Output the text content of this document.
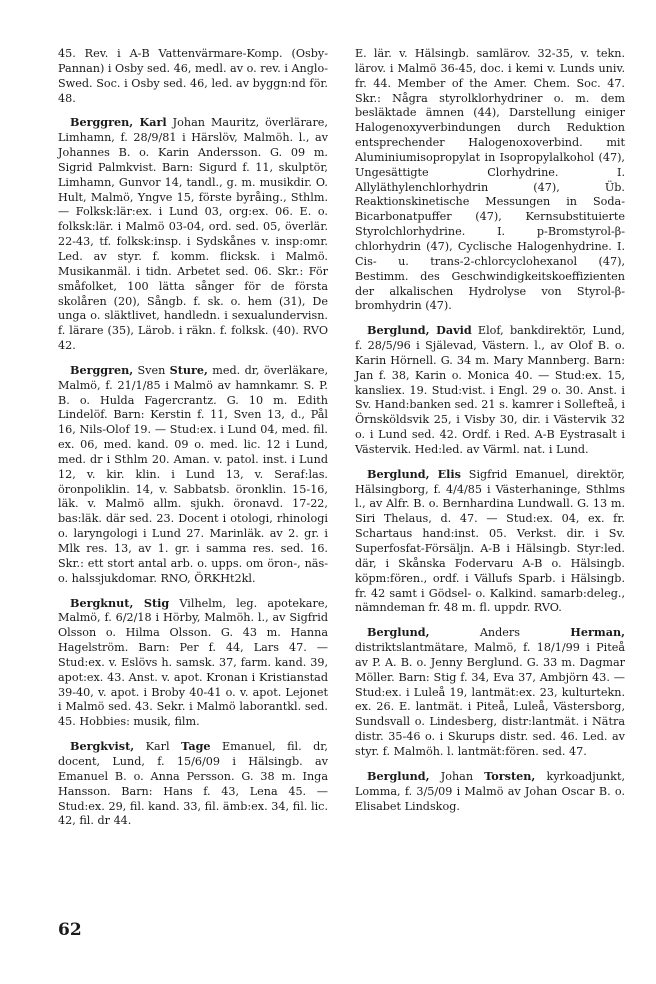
45. Rev. i A-B Vattenvärmare-Komp. (Osby-Pannan) i Osby sed. 46, medl. av o. rev. i Anglo-Swed. Soc. i Osby sed. 46, led. av byggn:nd för. 48.

Berggren, Karl Johan Mauritz, överlärare, Limhamn, f. 28/9/81 i Härslöv, Malmöh. l., av Johannes B. o. Karin Andersson. G. 09 m. Sigrid Palmkvist. Barn: Sigurd f. 11, skulptör, Limhamn, Gunvor 14, tandl., g. m. musikdir. O. Hult, Malmö, Yngve 15, förste byråing., Sthlm. — Folksk:lär:ex. i Lund 03, org:ex. 06. E. o. folksk:lär. i Malmö 03-04, ord. sed. 05, överlär. 22-43, tf. folksk:insp. i Sydskånes v. insp:omr. Led. av styr. f. komm. flicksk. i Malmö. Musikanmäl. i tidn. Arbetet sed. 06. Skr.: För småfolket, 100 lätta sånger för de första skolåren (20), Sångb. f. sk. o. hem (31), De unga o. släktlivet, handledn. i sexualundervisn. f. lärare (35), Lärob. i räkn. f. folksk. (40). RVO 42.

Berggren, Sven Sture, med. dr, överläkare, Malmö, f. 21/1/85 i Malmö av hamnkamr. S. P. B. o. Hulda Fagercrantz. G. 10 m. Edith Lindelöf. Barn: Kerstin f. 11, Sven 13, d., Pål 16, Nils-Olof 19. — Stud:ex. i Lund 04, med. fil. ex. 06, med. kand. 09 o. med. lic. 12 i Lund, med. dr i Sthlm 20. Aman. v. patol. inst. i Lund 12, v. kir. klin. i Lund 13, v. Seraf:las. öronpoliklin. 14, v. Sabbatsb. öronklin. 15-16, läk. v. Malmö allm. sjukh. öronavd. 17-22, bas:läk. där sed. 23. Docent i otologi, rhinologi o. laryngologi i Lund 27. Marinläk. av 2. gr. i Mlk res. 13, av 1. gr. i samma res. sed. 16. Skr.: ett stort antal arb. o. upps. om öron-, näs- o. halssjukdomar. RNO, ÖRKHt2kl.

Bergknut, Stig Vilhelm, leg. apotekare, Malmö, f. 6/2/18 i Hörby, Malmöh. l., av Sigfrid Olsson o. Hilma Olsson. G. 43 m. Hanna Hagelström. Barn: Per f. 44, Lars 47. — Stud:ex. v. Eslövs h. samsk. 37, farm. kand. 39, apot:ex. 43. Anst. v. apot. Kronan i Kristianstad 39-40, v. apot. i Broby 40-41 o. v. apot. Lejonet i Malmö sed. 43. Sekr. i Malmö laborantkl. sed. 45. Hobbies: musik, film.

Bergkvist, Karl Tage Emanuel, fil. dr, docent, Lund, f. 15/6/09 i Hälsingb. av Emanuel B. o. Anna Persson. G. 38 m. Inga Hansson. Barn: Hans f. 43, Lena 45. — Stud:ex. 29, fil. kand. 33, fil. ämb:ex. 34, fil. lic. 42, fil. dr 44.

E. lär. v. Hälsingb. samlärov. 32-35, v. tekn. lärov. i Malmö 36-45, doc. i kemi v. Lunds univ. fr. 44. Member of the Amer. Chem. Soc. 47. Skr.: Några styrolklorhydriner o. m. dem besläktade ämnen (44), Darstellung einiger Halogenoxyverbindungen durch Reduktion entsprechender Halogenoxoverbind. mit Aluminiumisopropylat in Isopropylalkohol (47), Ungesättigte Clorhydrine. I. Allyläthylenchlorhydrin (47), Üb. Reaktionskinetische Messungen in Soda-Bicarbonatpuffer (47), Kernsubstituierte Styrolchlorhydrine. I. p-Bromstyrol-β-chlorhydrin (47), Cyclische Halogenhydrine. I. Cis- u. trans-2-chlorcyclohexanol (47), Bestimm. des Geschwindigkeitskoeffizienten der alkalischen Hydrolyse von Styrol-β-bromhydrin (47).

Berglund, David Elof, bankdirektör, Lund, f. 28/5/96 i Själevad, Västern. l., av Olof B. o. Karin Hörnell. G. 34 m. Mary Mannberg. Barn: Jan f. 38, Karin o. Monica 40. — Stud:ex. 15, kansliex. 19. Stud:vist. i Engl. 29 o. 30. Anst. i Sv. Hand:banken sed. 21 s. kamrer i Sollefteå, i Örnsköldsvik 25, i Visby 30, dir. i Västervik 32 o. i Lund sed. 42. Ordf. i Red. A-B Eystrasalt i Västervik. Hed:led. av Värml. nat. i Lund.

Berglund, Elis Sigfrid Emanuel, direktör, Hälsingborg, f. 4/4/85 i Västerhaninge, Sthlms l., av Alfr. B. o. Bernhardina Lundwall. G. 13 m. Siri Thelaus, d. 47. — Stud:ex. 04, ex. fr. Schartaus hand:inst. 05. Verkst. dir. i Sv. Superfosfat-Försäljn. A-B i Hälsingb. Styr:led. där, i Skånska Fodervaru A-B o. Hälsingb. köpm:fören., ordf. i Vällufs Sparb. i Hälsingb. fr. 42 samt i Gödsel- o. Kalkind. samarb:deleg., nämndeman fr. 48 m. fl. uppdr. RVO.

Berglund, Anders Herman, distriktslantmätare, Malmö, f. 18/1/99 i Piteå av P. A. B. o. Jenny Berglund. G. 33 m. Dagmar Möller. Barn: Stig f. 34, Eva 37, Ambjörn 43. — Stud:ex. i Luleå 19, lantmät:ex. 23, kulturtekn. ex. 26. E. lantmät. i Piteå, Luleå, Västersborg, Sundsvall o. Lindesberg, distr:lantmät. i Nätra distr. 35-46 o. i Skurups distr. sed. 46. Led. av styr. f. Malmöh. l. lantmät:fören. sed. 47.

Berglund, Johan Torsten, kyrkoadjunkt, Lomma, f. 3/5/09 i Malmö av Johan Oscar B. o. Elisabet Lindskog.

62
